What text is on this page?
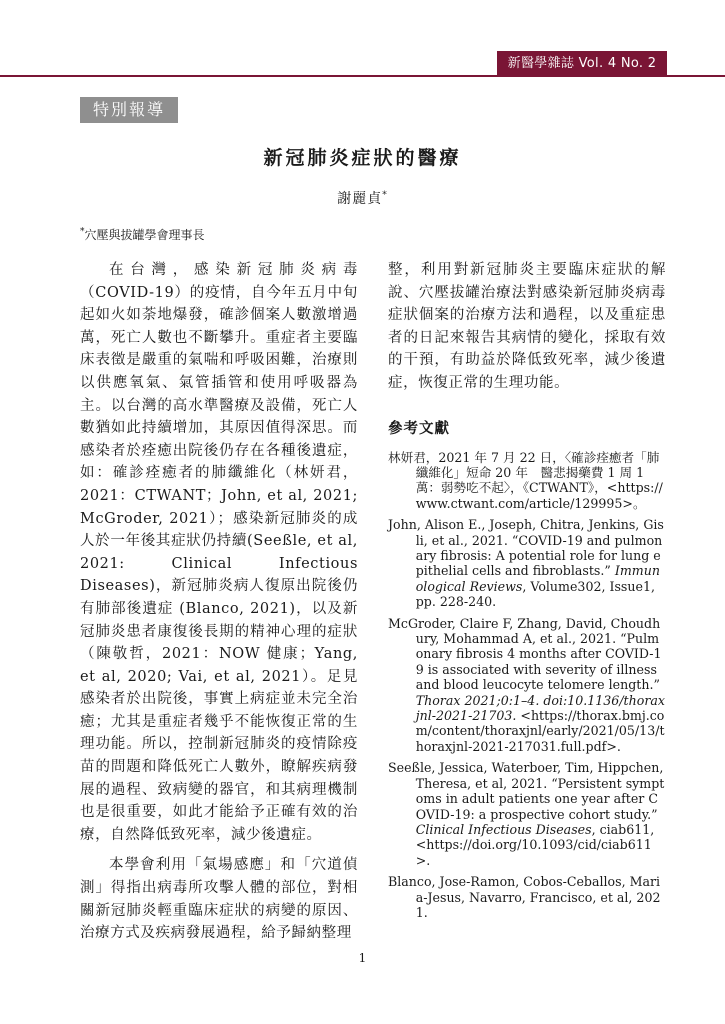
新醫學雜誌 Vol. 4 No. 2
特別報導
新冠肺炎症狀的醫療
謝麗貞*
*穴壓與拔罐學會理事長

在台灣，感染新冠肺炎病毒（COVID-19）的疫情，自今年五月中旬起如火如荼地爆發，確診個案人數激增過萬，死亡人數也不斷攀升。重症者主要臨床表徵是嚴重的氣喘和呼吸困難，治療則以供應氧氣、氣管插管和使用呼吸器為主。以台灣的高水準醫療及設備，死亡人數猶如此持續增加，其原因值得深思。而感染者於痊癒出院後仍存在各種後遺症，如：確診痊癒者的肺纖維化（林妍君，2021：CTWANT；John, et al, 2021; McGroder, 2021）；感染新冠肺炎的成人於一年後其症狀仍持續(Seeßle, et al, 2021: Clinical Infectious Diseases)，新冠肺炎病人復原出院後仍有肺部後遺症 (Blanco, 2021)，以及新冠肺炎患者康復後長期的精神心理的症狀（陳敬哲，2021：NOW 健康；Yang, et al, 2020; Vai, et al, 2021）。足見感染者於出院後，事實上病症並未完全治癒；尤其是重症者幾乎不能恢復正常的生理功能。所以，控制新冠肺炎的疫情除疫苗的問題和降低死亡人數外，瞭解疾病發展的過程、致病變的器官，和其病理機制也是很重要，如此才能給予正確有效的治療，自然降低致死率，減少後遺症。

本學會利用「氣場感應」和「穴道偵測」得指出病毒所攻擊人體的部位，對相關新冠肺炎輕重臨床症狀的病變的原因、治療方式及疾病發展過程，給予歸納整理

整，利用對新冠肺炎主要臨床症狀的解說、穴壓拔罐治療法對感染新冠肺炎病毒症狀個案的治療方法和過程，以及重症患者的日記來報告其病情的變化，採取有效的干預，有助益於降低致死率，減少後遺症，恢復正常的生理功能。

參考文獻

林妍君，2021 年 7 月 22 日，〈確診痊癒者「肺纖維化」短命 20 年　醫悲揭藥費 1 周 1 萬：弱勢吃不起〉，《CTWANT》，<https://www.ctwant.com/article/129995>。

John, Alison E., Joseph, Chitra, Jenkins, Gisli, et al., 2021. “COVID-19 and pulmonary fibrosis: A potential role for lung epithelial cells and fibroblasts.” Immunological Reviews, Volume302, Issue1, pp. 228-240.

McGroder, Claire F, Zhang, David, Choudhury, Mohammad A, et al., 2021. “Pulmonary fibrosis 4 months after COVID-19 is associated with severity of illness and blood leucocyte telomere length.” Thorax 2021;0:1–4. doi:10.1136/thoraxjnl-2021-21703. <https://thorax.bmj.com/content/thoraxjnl/early/2021/05/13/thoraxjnl-2021-217031.full.pdf>.

Seeßle, Jessica, Waterboer, Tim, Hippchen, Theresa, et al, 2021. “Persistent symptoms in adult patients one year after COVID-19: a prospective cohort study.” Clinical Infectious Diseases, ciab611, <https://doi.org/10.1093/cid/ciab611>.

Blanco, Jose-Ramon, Cobos-Ceballos, Maria-Jesus, Navarro, Francisco, et al, 2021.

1
